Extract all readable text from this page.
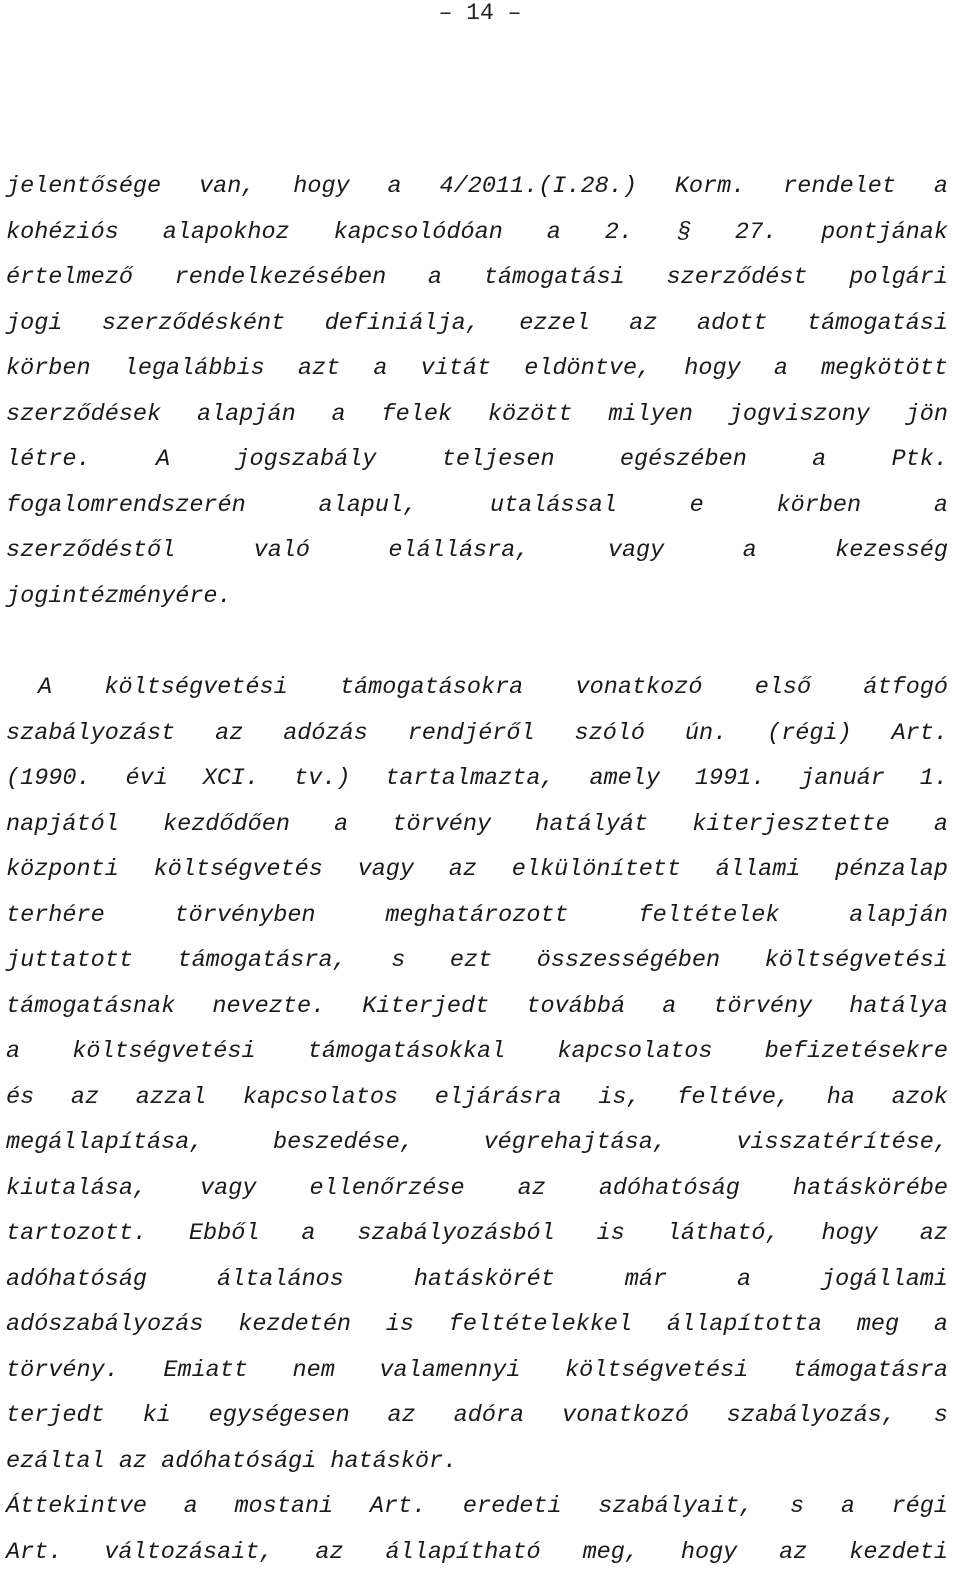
– 14 –
jelentősége van, hogy a 4/2011.(I.28.) Korm. rendelet a
kohéziós alapokhoz kapcsolódóan a 2. § 27. pontjának
értelmező rendelkezésében a támogatási szerződést polgári
jogi szerződésként definiálja, ezzel az adott támogatási
körben legalábbis azt a vitát eldöntve, hogy a megkötött
szerződések alapján a felek között milyen jogviszony jön
létre. A jogszabály teljesen egészében a Ptk.
fogalomrendszerén alapul, utalással e körben a
szerződéstől való elállásra, vagy a kezesség
jogintézményére.
A költségvetési támogatásokra vonatkozó első átfogó
szabályozást az adózás rendjéről szóló ún. (régi) Art.
(1990. évi XCI. tv.) tartalmazta, amely 1991. január 1.
napjától kezdődően a törvény hatályát kiterjesztette a
központi költségvetés vagy az elkülönített állami pénzalap
terhére törvényben meghatározott feltételek alapján
juttatott támogatásra, s ezt összességében költségvetési
támogatásnak nevezte. Kiterjedt továbbá a törvény hatálya
a költségvetési támogatásokkal kapcsolatos befizetésekre
és az azzal kapcsolatos eljárásra is, feltéve, ha azok
megállapítása, beszedése, végrehajtása, visszatérítése,
kiutalása, vagy ellenőrzése az adóhatóság hatáskörébe
tartozott. Ebből a szabályozásból is látható, hogy az
adóhatóság általános hatáskörét már a jogállami
adószabályozás kezdetén is feltételekkel állapította meg a
törvény. Emiatt nem valamennyi költségvetési támogatásra
terjedt ki egységesen az adóra vonatkozó szabályozás, s
ezáltal az adóhatósági hatáskör.
Áttekintve a mostani Art. eredeti szabályait, s a régi
Art. változásait, az állapítható meg, hogy az kezdeti
